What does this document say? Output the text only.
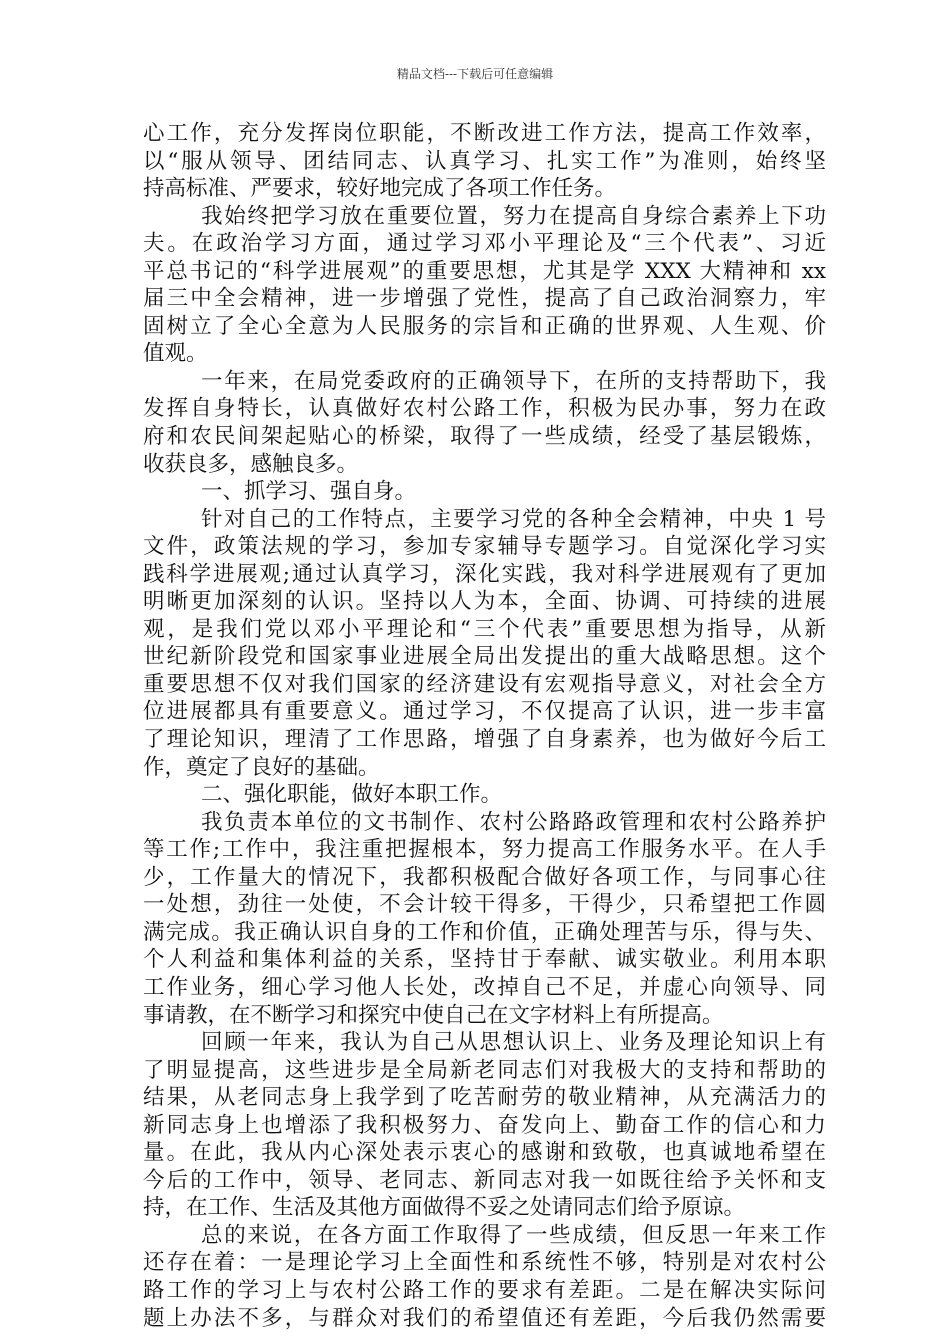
精品文档---下载后可任意编辑
心工作，充分发挥岗位职能，不断改进工作方法，提高工作效率，
以“服从领导、团结同志、认真学习、扎实工作”为准则，始终坚
持高标准、严要求，较好地完成了各项工作任务。
我始终把学习放在重要位置，努力在提高自身综合素养上下功
夫。在政治学习方面，通过学习邓小平理论及“三个代表”、习近
平总书记的“科学进展观”的重要思想，尤其是学 XXX 大精神和 xx
届三中全会精神，进一步增强了党性，提高了自己政治洞察力，牢
固树立了全心全意为人民服务的宗旨和正确的世界观、人生观、价
值观。
一年来，在局党委政府的正确领导下，在所的支持帮助下，我
发挥自身特长，认真做好农村公路工作，积极为民办事，努力在政
府和农民间架起贴心的桥梁，取得了一些成绩，经受了基层锻炼，
收获良多，感触良多。
一、抓学习、强自身。
针对自己的工作特点，主要学习党的各种全会精神，中央 1 号
文件，政策法规的学习，参加专家辅导专题学习。自觉深化学习实
践科学进展观;通过认真学习，深化实践，我对科学进展观有了更加
明晰更加深刻的认识。坚持以人为本，全面、协调、可持续的进展
观，是我们党以邓小平理论和“三个代表”重要思想为指导，从新
世纪新阶段党和国家事业进展全局出发提出的重大战略思想。这个
重要思想不仅对我们国家的经济建设有宏观指导意义，对社会全方
位进展都具有重要意义。通过学习，不仅提高了认识，进一步丰富
了理论知识，理清了工作思路，增强了自身素养，也为做好今后工
作，奠定了良好的基础。
二、强化职能，做好本职工作。
我负责本单位的文书制作、农村公路路政管理和农村公路养护
等工作;工作中，我注重把握根本，努力提高工作服务水平。在人手
少，工作量大的情况下，我都积极配合做好各项工作，与同事心往
一处想，劲往一处使，不会计较干得多，干得少，只希望把工作圆
满完成。我正确认识自身的工作和价值，正确处理苦与乐，得与失、
个人利益和集体利益的关系，坚持甘于奉献、诚实敬业。利用本职
工作业务，细心学习他人长处，改掉自己不足，并虚心向领导、同
事请教，在不断学习和探究中使自己在文字材料上有所提高。
回顾一年来，我认为自己从思想认识上、业务及理论知识上有
了明显提高，这些进步是全局新老同志们对我极大的支持和帮助的
结果，从老同志身上我学到了吃苦耐劳的敬业精神，从充满活力的
新同志身上也增添了我积极努力、奋发向上、勤奋工作的信心和力
量。在此，我从内心深处表示衷心的感谢和致敬，也真诚地希望在
今后的工作中，领导、老同志、新同志对我一如既往给予关怀和支
持，在工作、生活及其他方面做得不妥之处请同志们给予原谅。
总的来说，在各方面工作取得了一些成绩，但反思一年来工作
还存在着：一是理论学习上全面性和系统性不够，特别是对农村公
路工作的学习上与农村公路工作的要求有差距。二是在解决实际问
题上办法不多，与群众对我们的希望值还有差距，今后我仍然需要
